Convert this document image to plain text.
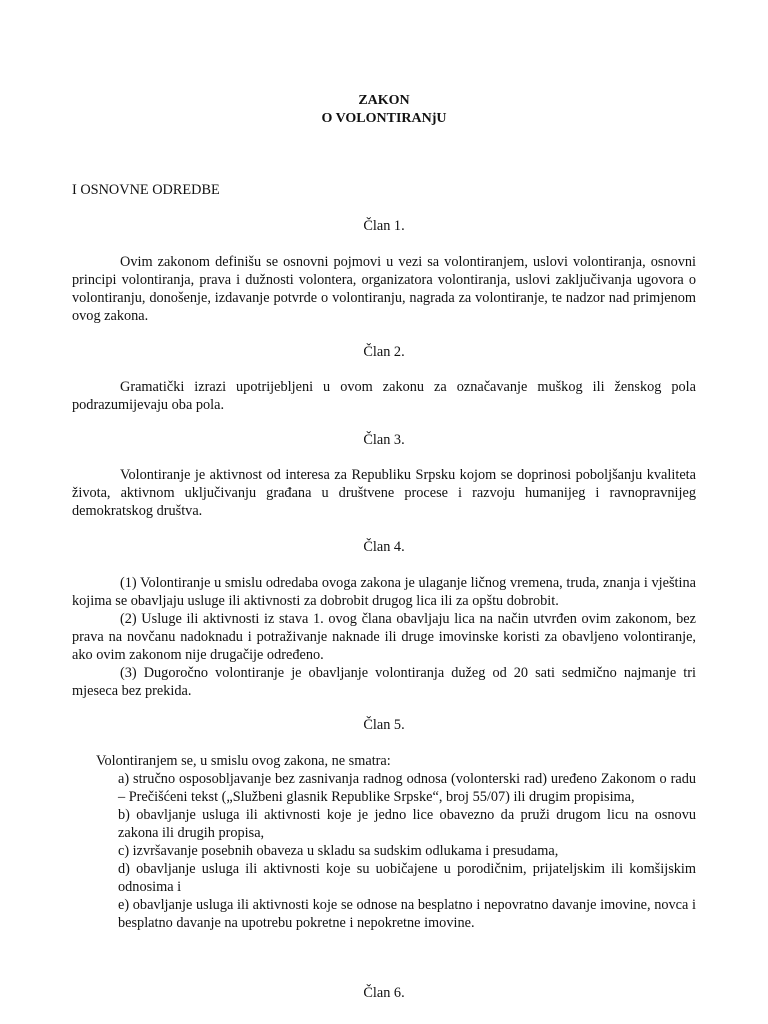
ZAKON
O VOLONTIRANjU
I OSNOVNE ODREDBE
Član 1.

Ovim zakonom definišu se osnovni pojmovi u vezi sa volontiranjem, uslovi volontiranja, osnovni principi volontiranja, prava i dužnosti volontera, organizatora volontiranja, uslovi zaključivanja ugovora o volontiranju, donošenje, izdavanje potvrde o volontiranju, nagrada za volontiranje, te nadzor nad primjenom ovog zakona.

Član 2.

Gramatički izrazi upotrijebljeni u ovom zakonu za označavanje muškog ili ženskog pola podrazumijevaju oba pola.

Član 3.

Volontiranje je aktivnost od interesa za Republiku Srpsku kojom se doprinosi poboljšanju kvaliteta života, aktivnom uključivanju građana u društvene procese i razvoju humanijeg i ravnopravnijeg demokratskog društva.

Član 4.

(1) Volontiranje u smislu odredaba ovoga zakona je ulaganje ličnog vremena, truda, znanja i vještina kojima se obavljaju usluge ili aktivnosti za dobrobit drugog lica ili za opštu dobrobit.

(2) Usluge ili aktivnosti iz stava 1. ovog člana obavljaju lica na način utvrđen ovim zakonom, bez prava na novčanu nadoknadu i potraživanje naknade ili druge imovinske koristi za obavljeno volontiranje, ako ovim zakonom nije drugačije određeno.

(3) Dugoročno volontiranje je obavljanje volontiranja dužeg od 20 sati sedmično najmanje tri mjeseca bez prekida.

Član 5.
Volontiranjem se, u smislu ovog zakona, ne smatra:

a) stručno osposobljavanje bez zasnivanja radnog odnosa (volonterski rad) uređeno Zakonom o radu – Prečišćeni tekst („Službeni glasnik Republike Srpske“, broj 55/07) ili drugim propisima,

b) obavljanje usluga ili aktivnosti koje je jedno lice obavezno da pruži drugom licu na osnovu zakona ili drugih propisa,

c) izvršavanje posebnih obaveza u skladu sa sudskim odlukama i presudama,

d) obavljanje usluga ili aktivnosti koje su uobičajene u porodičnim, prijateljskim ili komšijskim odnosima i

e) obavljanje usluga ili aktivnosti koje se odnose na besplatno i nepovratno davanje imovine, novca i besplatno davanje na upotrebu pokretne i nepokretne imovine.

Član 6.
